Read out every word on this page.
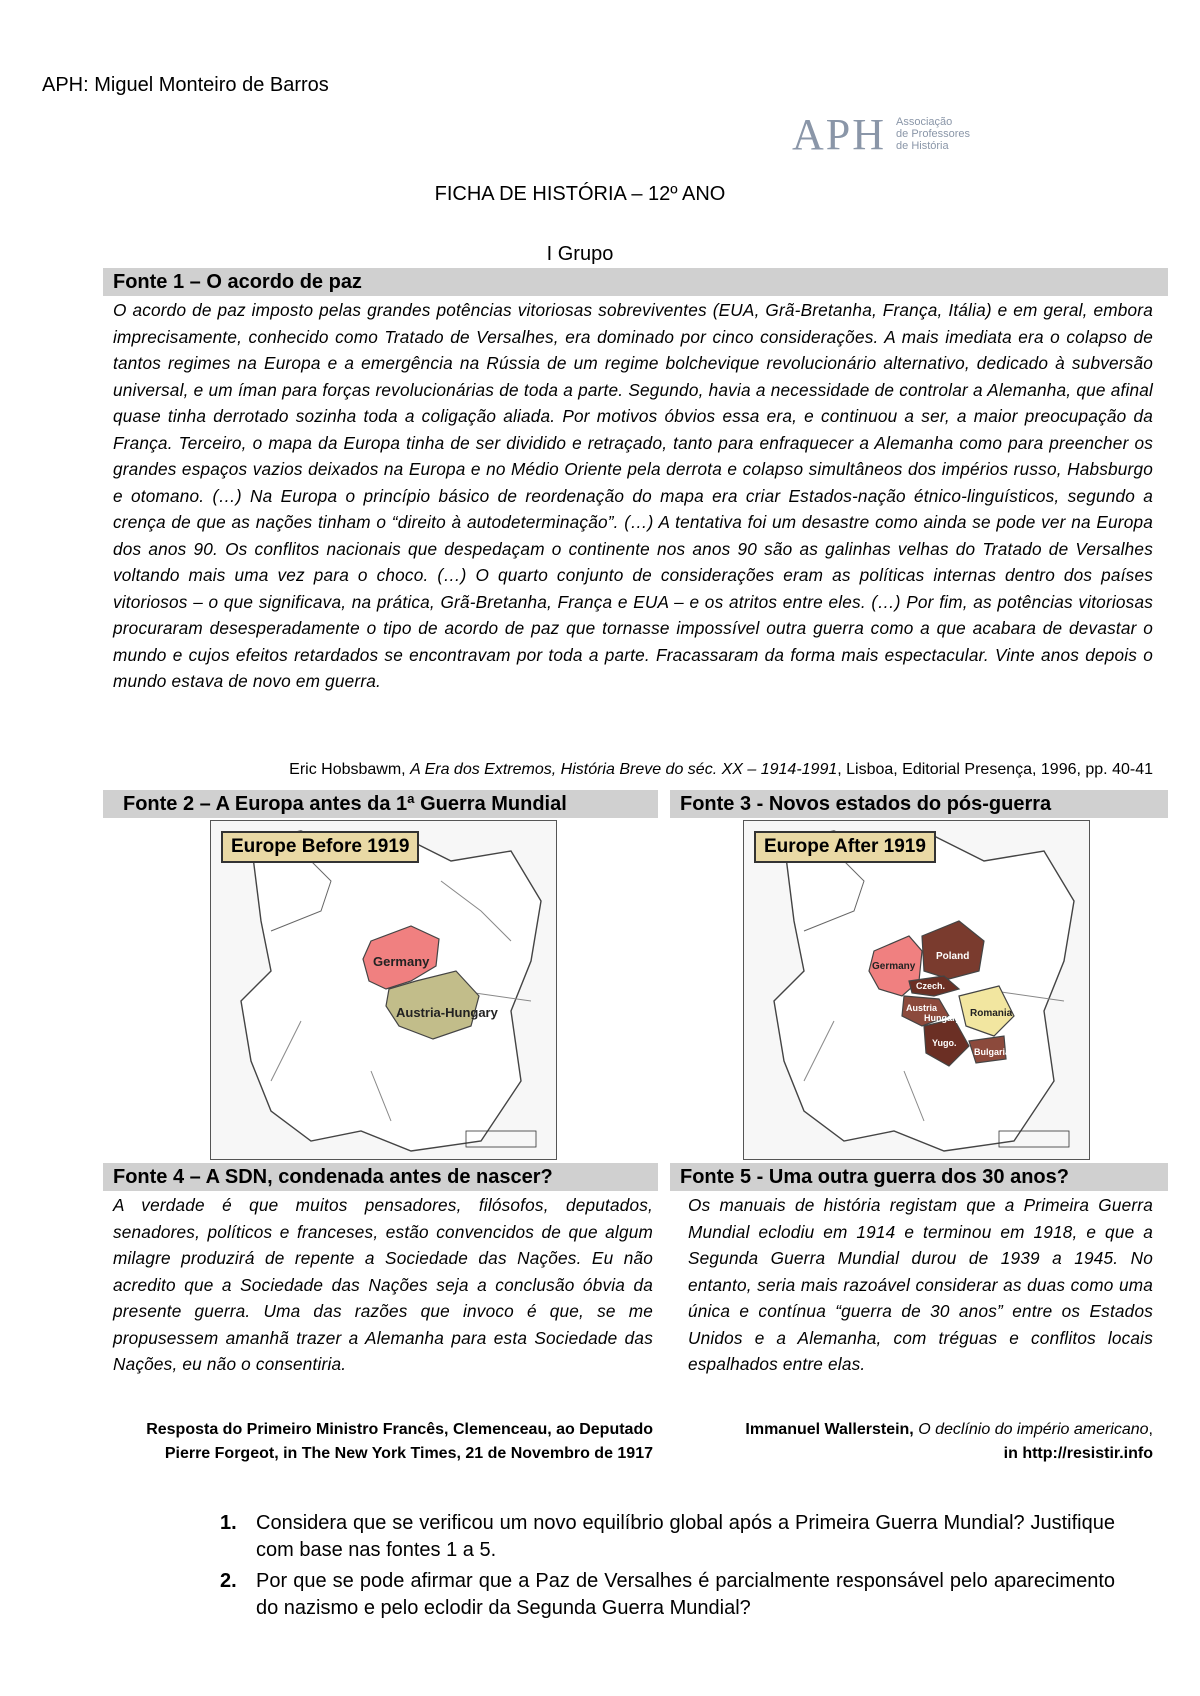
APH: Miguel Monteiro de Barros
APH Associação
de Professores
de História
FICHA DE HISTÓRIA – 12º ANO
I Grupo
Fonte 1 – O acordo de paz
O acordo de paz imposto pelas grandes potências vitoriosas sobreviventes (EUA, Grã-Bretanha, França, Itália) e em geral, embora imprecisamente, conhecido como Tratado de Versalhes, era dominado por cinco considerações. A mais imediata era o colapso de tantos regimes na Europa e a emergência na Rússia de um regime bolchevique revolucionário alternativo, dedicado à subversão universal, e um íman para forças revolucionárias de toda a parte. Segundo, havia a necessidade de controlar a Alemanha, que afinal quase tinha derrotado sozinha toda a coligação aliada. Por motivos óbvios essa era, e continuou a ser, a maior preocupação da França. Terceiro, o mapa da Europa tinha de ser dividido e retraçado, tanto para enfraquecer a Alemanha como para preencher os grandes espaços vazios deixados na Europa e no Médio Oriente pela derrota e colapso simultâneos dos impérios russo, Habsburgo e otomano. (…) Na Europa o princípio básico de reordenação do mapa era criar Estados-nação étnico-linguísticos, segundo a crença de que as nações tinham o “direito à autodeterminação”. (…) A tentativa foi um desastre como ainda se pode ver na Europa dos anos 90. Os conflitos nacionais que despedaçam o continente nos anos 90 são as galinhas velhas do Tratado de Versalhes voltando mais uma vez para o choco. (…) O quarto conjunto de considerações eram as políticas internas dentro dos países vitoriosos – o que significava, na prática, Grã-Bretanha, França e EUA – e os atritos entre eles. (…) Por fim, as potências vitoriosas procuraram desesperadamente o tipo de acordo de paz que tornasse impossível outra guerra como a que acabara de devastar o mundo e cujos efeitos retardados se encontravam por toda a parte. Fracassaram da forma mais espectacular. Vinte anos depois o mundo estava de novo em guerra.
Eric Hobsbawm, A Era dos Extremos, História Breve do séc. XX – 1914-1991, Lisboa, Editorial Presença, 1996, pp. 40-41
Fonte 2 – A Europa antes da 1ª Guerra Mundial	Fonte 3 - Novos estados do pós-guerra
Germany
Austria-Hungary
Europe Before 1919
Germany
Poland
Czech.
Austria
Hungary
Yugo.
Romania
Bulgaria
Europe After 1919
Fonte 4 – A SDN, condenada antes de nascer?	Fonte 5 - Uma outra guerra dos 30 anos?
A verdade é que muitos pensadores, filósofos, deputados, senadores, políticos e franceses, estão convencidos de que algum milagre produzirá de repente a Sociedade das Nações. Eu não acredito que a Sociedade das Nações seja a conclusão óbvia da presente guerra. Uma das razões que invoco é que, se me propusessem amanhã trazer a Alemanha para esta Sociedade das Nações, eu não o consentiria.
Resposta do Primeiro Ministro Francês, Clemenceau, ao Deputado Pierre Forgeot, in The New York Times, 21 de Novembro de 1917
Os manuais de história registam que a Primeira Guerra Mundial eclodiu em 1914 e terminou em 1918, e que a Segunda Guerra Mundial durou de 1939 a 1945. No entanto, seria mais razoável considerar as duas como uma única e contínua “guerra de 30 anos” entre os Estados Unidos e a Alemanha, com tréguas e conflitos locais espalhados entre elas.
Immanuel Wallerstein, O declínio do império americano,
in http://resistir.info
1. Considera que se verificou um novo equilíbrio global após a Primeira Guerra Mundial? Justifique com base nas fontes 1 a 5.
2. Por que se pode afirmar que a Paz de Versalhes é parcialmente responsável pelo aparecimento do nazismo e pelo eclodir da Segunda Guerra Mundial?
